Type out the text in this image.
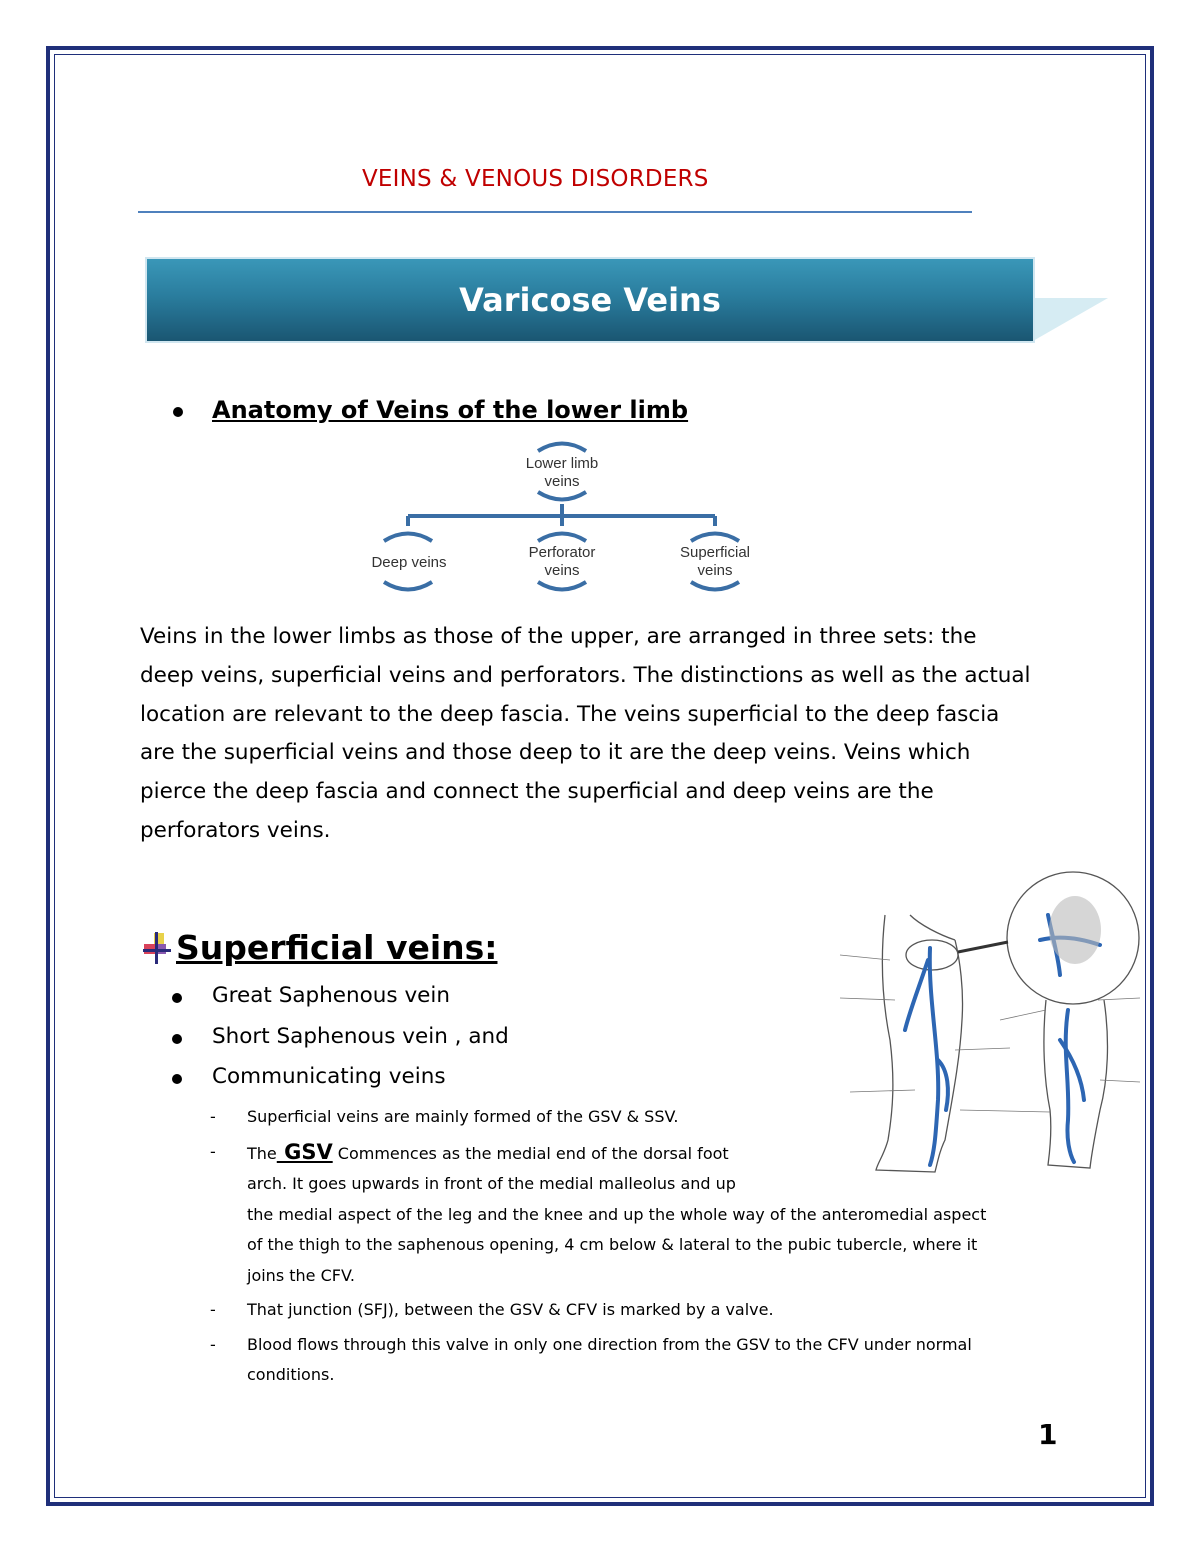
VEINS & VENOUS DISORDERS
Varicose Veins
Anatomy of Veins of the lower limb
Lower limb
veins
Deep veins
Perforator
veins
Superficial
veins
Veins in the lower limbs as those of the upper, are arranged in three sets: the
deep veins, superficial veins and perforators. The distinctions as well as the actual
location are relevant to the deep fascia. The veins superficial to the deep fascia
are the superficial veins and those deep to it are the deep veins. Veins which
pierce the deep fascia and connect the superficial and deep veins are the
perforators veins.
Superficial veins:
Great Saphenous vein
Short Saphenous vein , and
Communicating veins
- Superficial veins are mainly formed of the GSV & SSV.
- The GSV Commences as the medial end of the dorsal foot
arch. It goes upwards in front of the medial malleolus and up
the medial aspect of the leg and the knee and up the whole way of the anteromedial aspect
of the thigh to the saphenous opening, 4 cm below & lateral to the pubic tubercle, where it
joins the CFV.
- That junction (SFJ), between the GSV & CFV is marked by a valve.
- Blood flows through this valve in only one direction from the GSV to the CFV under normal
conditions.
1
